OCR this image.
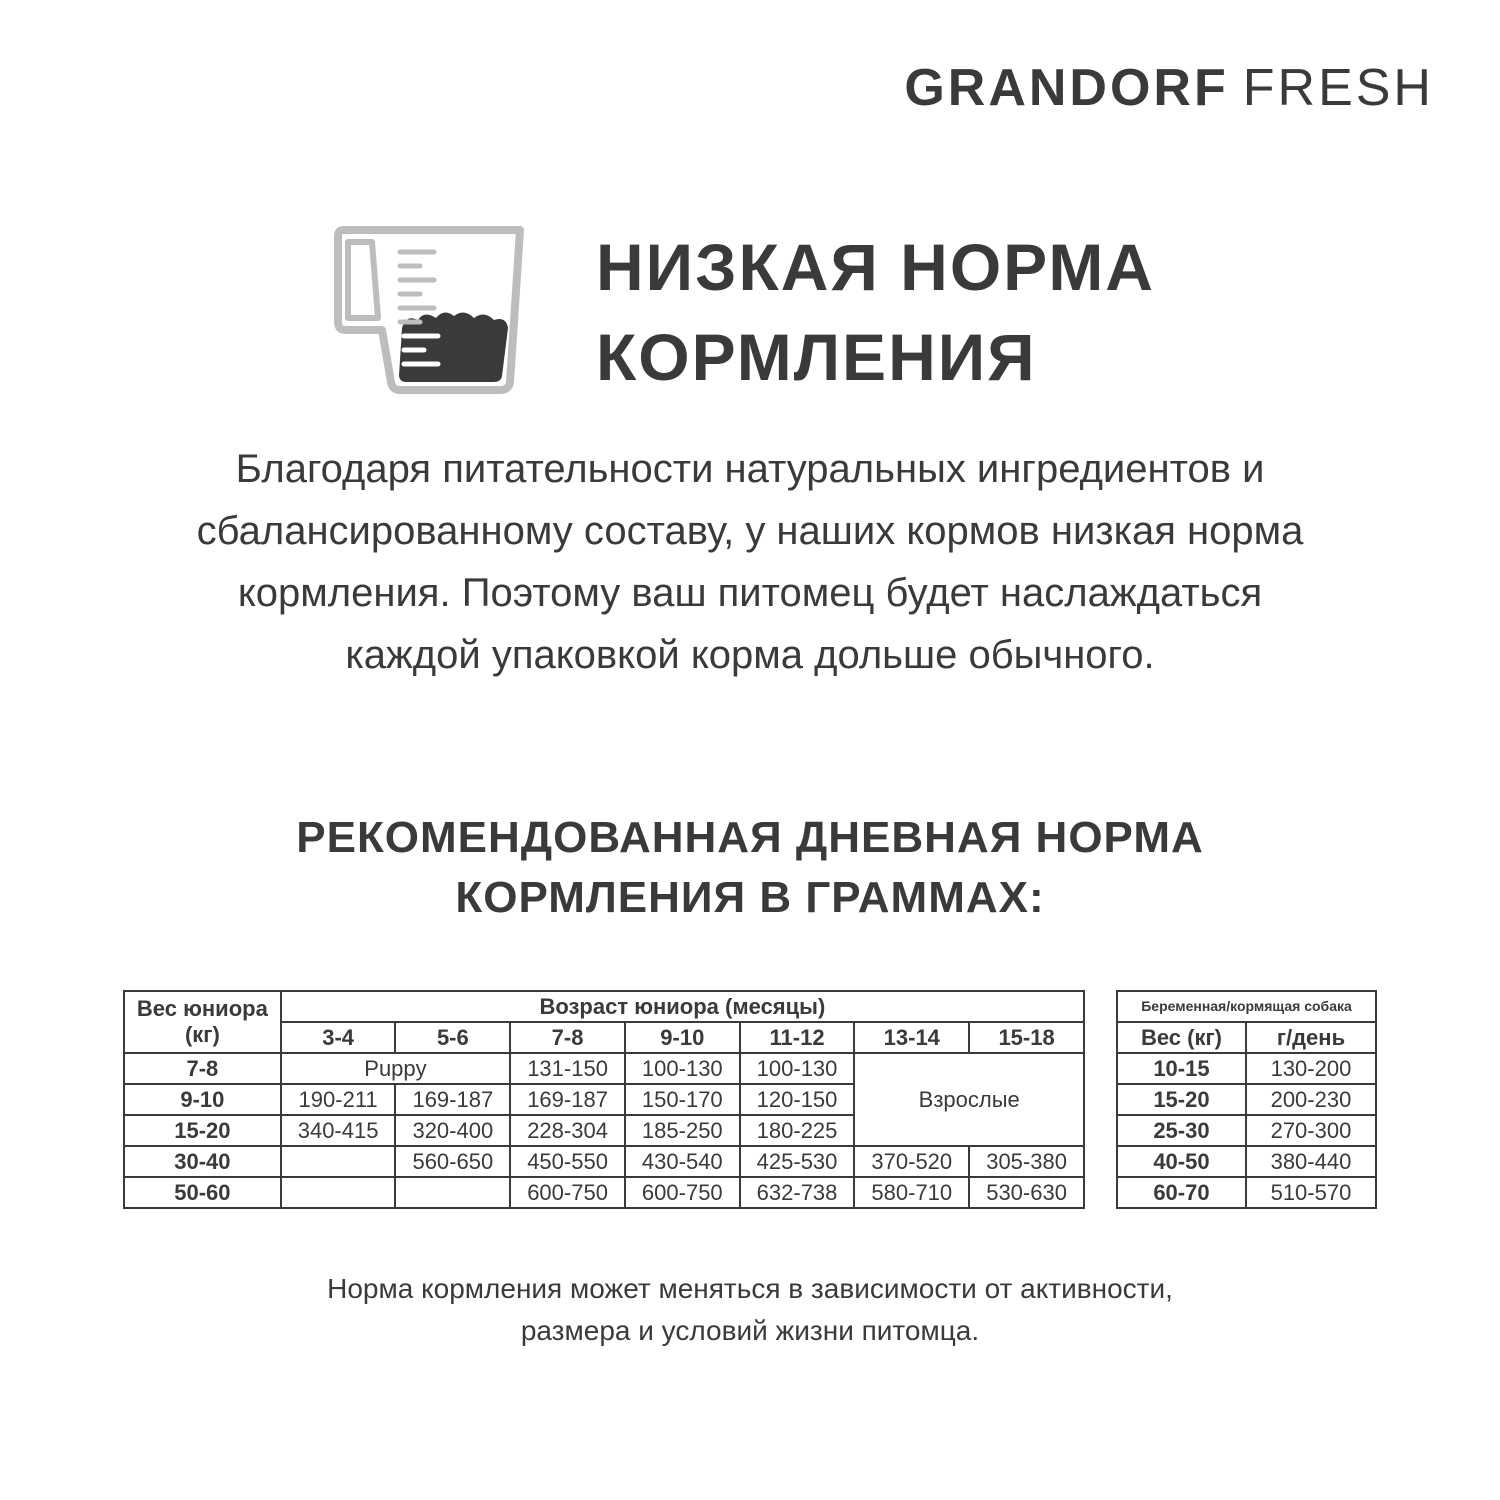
GRANDORF FRESH
НИЗКАЯ НОРМА
КОРМЛЕНИЯ

Благодаря питательности натуральных ингредиентов и
сбалансированному составу, у наших кормов низкая норма
кормления. Поэтому ваш питомец будет наслаждаться
каждой упаковкой корма дольше обычного.

РЕКОМЕНДОВАННАЯ ДНЕВНАЯ НОРМА
КОРМЛЕНИЯ В ГРАММАХ:
Вес юниора (кг)	Возраст юниора (месяцы)						
	3-4	5-6	7-8	9-10	11-12	13-14	15-18
7-8	Puppy		131-150	100-130	100-130	Взрослые	
9-10	190-211	169-187	169-187	150-170	120-150		
15-20	340-415	320-400	228-304	185-250	180-225		
30-40		560-650	450-550	430-540	425-530	370-520	305-380
50-60			600-750	600-750	632-738	580-710	530-630
Беременная/кормящая собака	
Вес (кг)	г/день
10-15	130-200
15-20	200-230
25-30	270-300
40-50	380-440
60-70	510-570

Норма кормления может меняться в зависимости от активности,
размера и условий жизни питомца.
